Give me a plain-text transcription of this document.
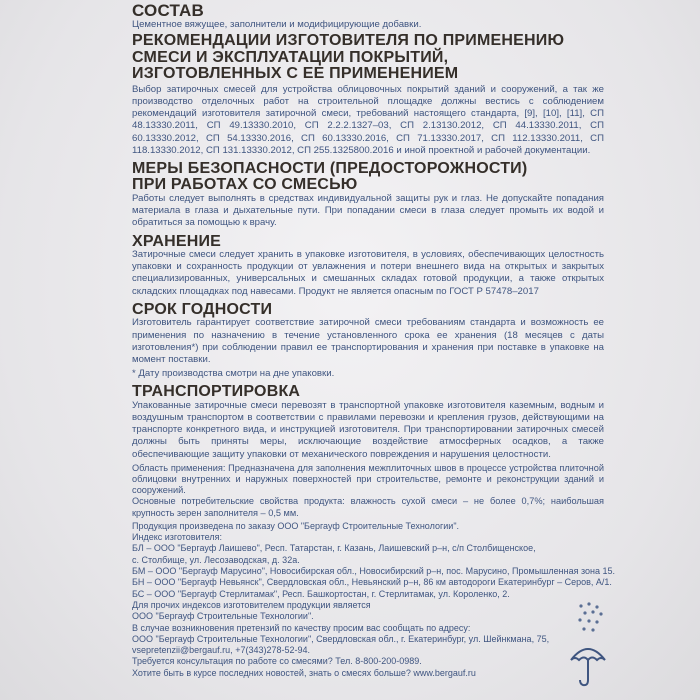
СОСТАВ

Цементное вяжущее, заполнители и модифицирующие добавки.

РЕКОМЕНДАЦИИ ИЗГОТОВИТЕЛЯ ПО ПРИМЕНЕНИЮ
СМЕСИ И ЭКСПЛУАТАЦИИ ПОКРЫТИЙ,
ИЗГОТОВЛЕННЫХ С ЕЕ ПРИМЕНЕНИЕМ

Выбор затирочных смесей для устройства облицовочных покрытий зданий и сооружений, а так же производство отделочных работ на строительной площадке должны вестись с соблюдением рекомендаций изготовителя затирочной смеси, требований настоящего стандарта, [9], [10], [11], СП 48.13330.2011, СП 49.13330.2010, СП 2.2.2.1327–03, СП 2.13130.2012, СП 44.13330.2011, СП 60.13330.2012, СП 54.13330.2016, СП 60.13330.2016, СП 71.13330.2017, СП 112.13330.2011, СП 118.13330.2012, СП 131.13330.2012, СП 255.1325800.2016 и иной проектной и рабочей документации.

МЕРЫ БЕЗОПАСНОСТИ (ПРЕДОСТОРОЖНОСТИ)
ПРИ РАБОТАХ СО СМЕСЬЮ

Работы следует выполнять в средствах индивидуальной защиты рук и глаз. Не допускайте попадания материала в глаза и дыхательные пути. При попадании смеси в глаза следует промыть их водой и обратиться за помощью к врачу.

ХРАНЕНИЕ

Затирочные смеси следует хранить в упаковке изготовителя, в условиях, обеспечивающих целостность упаковки и сохранность продукции от увлажнения и потери внешнего вида на открытых и закрытых специализированных, универсальных и смешанных складах готовой продукции, а также открытых складских площадках под навесами. Продукт не является опасным по ГОСТ Р 57478–2017

СРОК ГОДНОСТИ

Изготовитель гарантирует соответствие затирочной смеси требованиям стандарта и возможность ее применения по назначению в течение установленного срока ее хранения (18 месяцев с даты изготовления*) при соблюдении правил ее транспортирования и хранения при поставке в упаковке на момент поставки.

* Дату производства смотри на дне упаковки.

ТРАНСПОРТИРОВКА

Упакованные затирочные смеси перевозят в транспортной упаковке изготовителя каземным, водным и воздушным транспортом в соответствии с правилами перевозки и крепления грузов, действующими на транспорте конкретного вида, и инструкцией изготовителя. При транспортировании затирочных смесей должны быть приняты меры, исключающие воздействие атмосферных осадков, а также обеспечивающие защиту упаковки от механического повреждения и нарушения целостности.

Область применения: Предназначена для заполнения межплиточных швов в процессе устройства плиточной облицовки внутренних и наружных поверхностей при строительстве, ремонте и реконструкции зданий и сооружений.

Основные потребительские свойства продукта: влажность сухой смеси – не более 0,7%; наибольшая крупность зерен заполнителя – 0,5 мм.

Продукция произведена по заказу ООО "Бергауф Строительные Технологии".
Индекс изготовителя:
БЛ – ООО "Бергауф Лаишево", Респ. Татарстан, г. Казань, Лаишевский р–н, с/п Столбищенское,
с. Столбище, ул. Лесозаводская, д. 32а.
БМ – ООО "Бергауф Марусино", Новосибирская обл., Новосибирский р–н, пос. Марусино, Промышленная зона 15.
БН – ООО "Бергауф Невьянск", Свердловская обл., Невьянский р–н, 86 км автодороги Екатеринбург – Серов, А/1.
БС – ООО "Бергауф Стерлитамак", Респ. Башкортостан, г. Стерлитамак, ул. Короленко, 2.
Для прочих индексов изготовителем продукции является
ООО "Бергауф Строительные Технологии".
В случае возникновения претензий по качеству просим вас сообщать по адресу:
ООО "Бергауф Строительные Технологии", Свердловская обл., г. Екатеринбург, ул. Шейнкмана, 75,
vsepretenzii@bergauf.ru, +7(343)278-52-94.
Требуется консультация по работе со смесями? Тел. 8-800-200-0989.
Хотите быть в курсе последних новостей, знать о смесях больше? www.bergauf.ru
